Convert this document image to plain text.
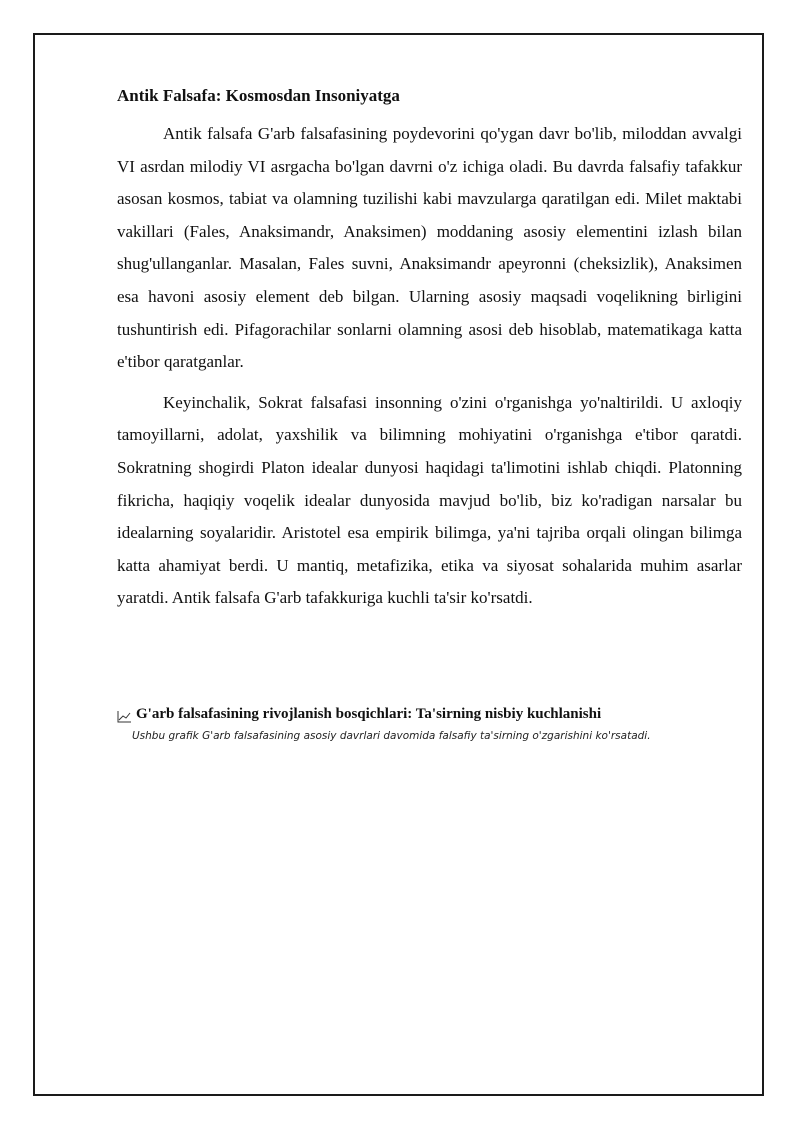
Antik Falsafa: Kosmosdan Insoniyatga

Antik falsafa G'arb falsafasining poydevorini qo'ygan davr bo'lib, miloddan avvalgi VI asrdan milodiy VI asrgacha bo'lgan davrni o'z ichiga oladi. Bu davrda falsafiy tafakkur asosan kosmos, tabiat va olamning tuzilishi kabi mavzularga qaratilgan edi. Milet maktabi vakillari (Fales, Anaksimandr, Anaksimen) moddaning asosiy elementini izlash bilan shug'ullanganlar. Masalan, Fales suvni, Anaksimandr apeyronni (cheksizlik), Anaksimen esa havoni asosiy element deb bilgan. Ularning asosiy maqsadi voqelikning birligini tushuntirish edi. Pifagorachilar sonlarni olamning asosi deb hisoblab, matematikaga katta e'tibor qaratganlar.

Keyinchalik, Sokrat falsafasi insonning o'zini o'rganishga yo'naltirildi. U axloqiy tamoyillarni, adolat, yaxshilik va bilimning mohiyatini o'rganishga e'tibor qaratdi. Sokratning shogirdi Platon idealar dunyosi haqidagi ta'limotini ishlab chiqdi. Platonning fikricha, haqiqiy voqelik idealar dunyosida mavjud bo'lib, biz ko'radigan narsalar bu idealarning soyalaridir. Aristotel esa empirik bilimga, ya'ni tajriba orqali olingan bilimga katta ahamiyat berdi. U mantiq, metafizika, etika va siyosat sohalarida muhim asarlar yaratdi. Antik falsafa G'arb tafakkuriga kuchli ta'sir ko'rsatdi.

G'arb falsafasining rivojlanish bosqichlari: Ta'sirning nisbiy kuchlanishi
Ushbu grafik G'arb falsafasining asosiy davrlari davomida falsafiy ta'sirning o'zgarishini ko'rsatadi.
